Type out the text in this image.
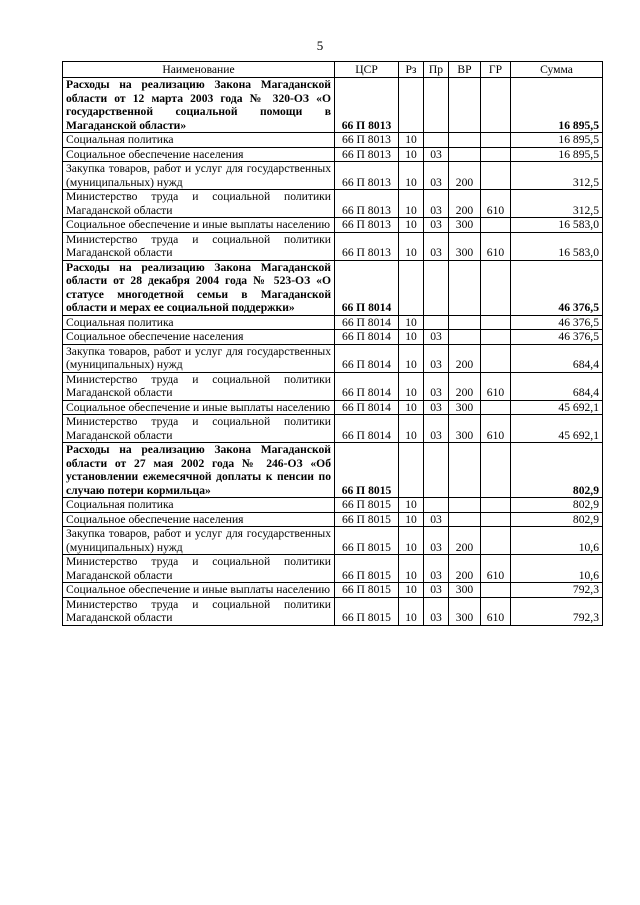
5
Наименование	ЦСР	Рз	Пр	ВР	ГР	Сумма

Расходы на реализацию Закона Магаданской области от 12 марта 2003 года № 320-ОЗ «О государственной социальной помощи в Магаданской области»	66 П 8013					16 895,5

Социальная политика	66 П 8013	10				16 895,5

Социальное обеспечение населения	66 П 8013	10	03			16 895,5

Закупка товаров, работ и услуг для государственных (муниципальных) нужд	66 П 8013	10	03	200		312,5

Министерство труда и социальной политики Магаданской области	66 П 8013	10	03	200	610	312,5

Социальное обеспечение и иные выплаты населению	66 П 8013	10	03	300		16 583,0

Министерство труда и социальной политики Магаданской области	66 П 8013	10	03	300	610	16 583,0

Расходы на реализацию Закона Магаданской области от 28 декабря 2004 года № 523-ОЗ «О статусе многодетной семьи в Магаданской области и мерах ее социальной поддержки»	66 П 8014					46 376,5

Социальная политика	66 П 8014	10				46 376,5

Социальное обеспечение населения	66 П 8014	10	03			46 376,5

Закупка товаров, работ и услуг для государственных (муниципальных) нужд	66 П 8014	10	03	200		684,4

Министерство труда и социальной политики Магаданской области	66 П 8014	10	03	200	610	684,4

Социальное обеспечение и иные выплаты населению	66 П 8014	10	03	300		45 692,1

Министерство труда и социальной политики Магаданской области	66 П 8014	10	03	300	610	45 692,1

Расходы на реализацию Закона Магаданской области от 27 мая 2002 года № 246-ОЗ «Об установлении ежемесячной доплаты к пенсии по случаю потери кормильца»	66 П 8015					802,9

Социальная политика	66 П 8015	10				802,9

Социальное обеспечение населения	66 П 8015	10	03			802,9

Закупка товаров, работ и услуг для государственных (муниципальных) нужд	66 П 8015	10	03	200		10,6

Министерство труда и социальной политики Магаданской области	66 П 8015	10	03	200	610	10,6

Социальное обеспечение и иные выплаты населению	66 П 8015	10	03	300		792,3

Министерство труда и социальной политики Магаданской области	66 П 8015	10	03	300	610	792,3
